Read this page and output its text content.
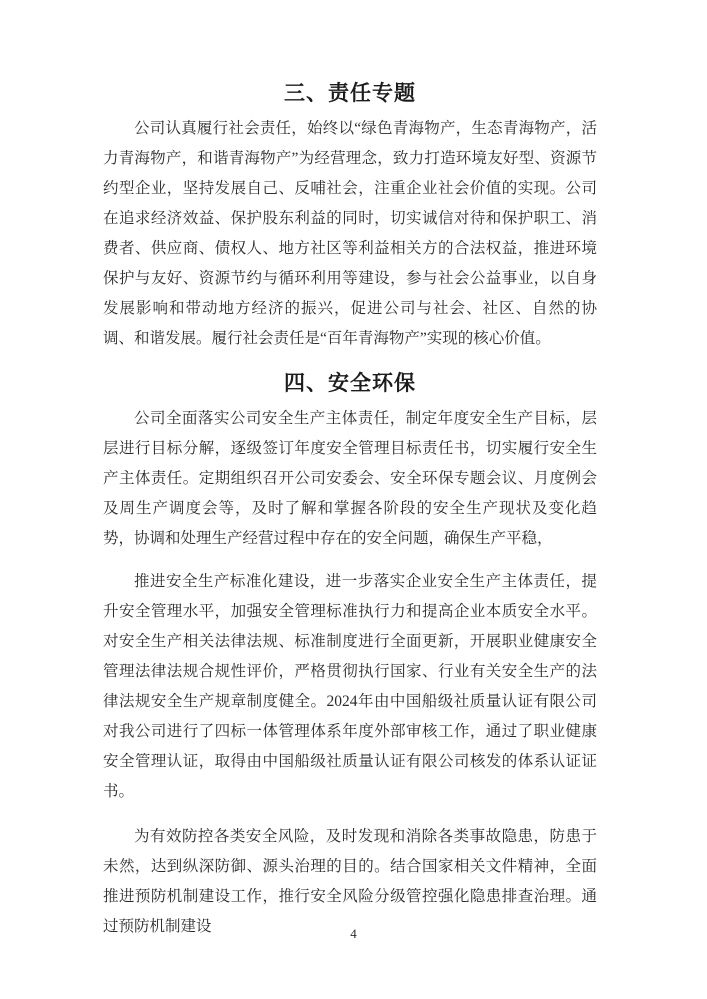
三、责任专题

公司认真履行社会责任，始终以“绿色青海物产，生态青海物产，活力青海物产，和谐青海物产”为经营理念，致力打造环境友好型、资源节约型企业，坚持发展自己、反哺社会，注重企业社会价值的实现。公司在追求经济效益、保护股东利益的同时，切实诚信对待和保护职工、消费者、供应商、债权人、地方社区等利益相关方的合法权益，推进环境保护与友好、资源节约与循环利用等建设，参与社会公益事业，以自身发展影响和带动地方经济的振兴，促进公司与社会、社区、自然的协调、和谐发展。履行社会责任是“百年青海物产”实现的核心价值。

四、安全环保

公司全面落实公司安全生产主体责任，制定年度安全生产目标，层层进行目标分解，逐级签订年度安全管理目标责任书，切实履行安全生产主体责任。定期组织召开公司安委会、安全环保专题会议、月度例会及周生产调度会等，及时了解和掌握各阶段的安全生产现状及变化趋势，协调和处理生产经营过程中存在的安全问题，确保生产平稳，

推进安全生产标准化建设，进一步落实企业安全生产主体责任，提升安全管理水平，加强安全管理标准执行力和提高企业本质安全水平。对安全生产相关法律法规、标准制度进行全面更新，开展职业健康安全管理法律法规合规性评价，严格贯彻执行国家、行业有关安全生产的法律法规安全生产规章制度健全。2024年由中国船级社质量认证有限公司对我公司进行了四标一体管理体系年度外部审核工作，通过了职业健康安全管理认证，取得由中国船级社质量认证有限公司核发的体系认证证书。

为有效防控各类安全风险，及时发现和消除各类事故隐患，防患于未然，达到纵深防御、源头治理的目的。结合国家相关文件精神，全面推进预防机制建设工作，推行安全风险分级管控强化隐患排查治理。通过预防机制建设	4
